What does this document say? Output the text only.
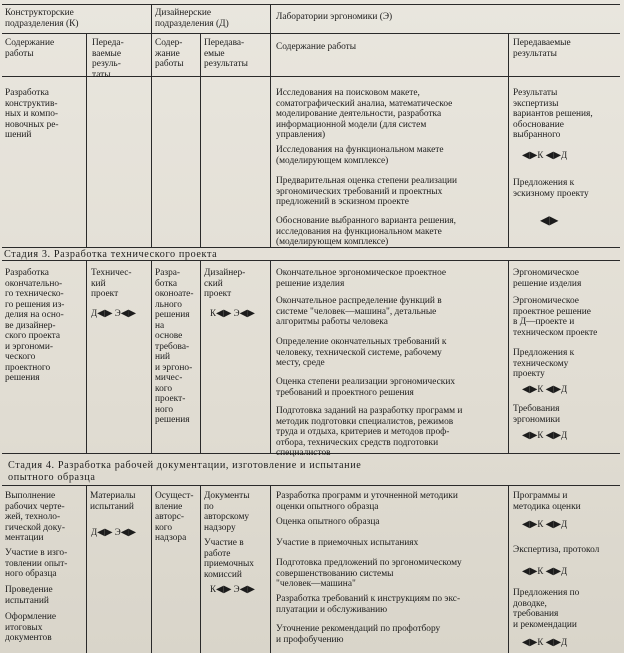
Конструкторские
подразделения (К)
Дизайнерские
подразделения (Д)
Лаборатории эргономики (Э)
Содержание
работы
Переда-
ваемые
резуль-
таты
Содер-
жание
работы
Передава-
емые
результаты
Содержание работы	Передаваемые
результаты
Разработка
конструктив-
ных и компо-
новочных ре-
шений
Исследования на поисковом макете,
соматографический аналиа, математическое
моделирование деятельности, разработка
информационной модели (для систем
управления)
Исследования на функциональном макете
(моделирующем комплексе)
Предварительная оценка степени реализации
эргономических требований и проектных
предложений в эскизном проекте
Обоснование выбранного варианта решения,
исследования на функциональном макете
(моделирующем комплексе)
Результаты
экспертизы
вариантов решения,
обоснование
выбранного
◀▶К ◀▶Д
Предложения к
эскизному проекту
◀▶
Стадия 3. Разработка технического проекта
Разработка
окончательно-
го техническо-
го решения из-
делия на осно-
ве дизайнер-
ского проекта
и эргономи-
ческого
проектного
решения
Техничес-
кий
проект
Д◀▶ Э◀▶
Разра-
ботка
оконоате-
льного
решения
на
основе
требова-
ний
и эргоно-
мичес-
кого
проект-
ного
решения
Дизайнер-
ский
проект
К◀▶ Э◀▶
Окончательное эргономическое проектное
решение изделия
Окончательное распределение функций в
системе "человек—машина", детальные
алгоритмы работы человека
Определение окончательных требований к
человеку, технической системе, рабочему
месту, среде
Оценка степени реализации эргономических
требований и проектного решения
Подготовка заданий на разработку программ и
методик подготовки специалистов, режимов
труда и отдыха, критериев и методов проф-
отбора, технических средств подготовки
специалистов
Эргономическое
решение изделия
Эргономическое
проектное решение
в Д—проекте и
техническом проекте
Предложения к
техническому
проекту
◀▶К ◀▶Д
Требования
эргономики
◀▶К ◀▶Д
Стадия 4. Разработка рабочей документации, изготовление и испытание
опытного образца
Выполнение
рабочих черте-
жей, техноло-
гической доку-
ментации
Участие в изго-
товлении опыт-
ного образца
Проведение
испытаний
Оформление
итоговых
документов
Материалы
испытаний
Д◀▶ Э◀▶
Осущест-
вление
авторс-
кого
надзора
Документы
по
авторскому
надзору
Участие в
работе
приемочных
комиссий
К◀▶ Э◀▶
Разработка программ и уточненной методики
оценки опытного образца
Оценка опытного образца
Участие в приемочных испытаниях
Подготовка предложений по эргономическому
совершенствованию системы
"человек—машина"
Разработка требований к инструкциям по экс-
плуатации и обслуживанию
Уточнение рекомендаций по профотбору
и профобучению
Программы и
методика оценки
◀▶К ◀▶Д
Экспертиза, протокол
◀▶К ◀▶Д
Предложения по
доводке,
требования
и рекомендации
◀▶К ◀▶Д
